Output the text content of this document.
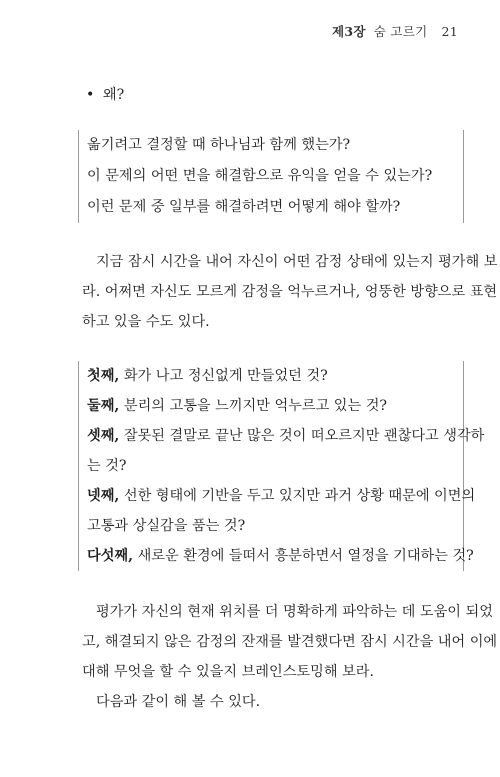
제3장 숨 고르기 21
• 왜?

옮기려고 결정할 때 하나님과 함께 했는가?

이 문제의 어떤 면을 해결함으로 유익을 얻을 수 있는가?

이런 문제 중 일부를 해결하려면 어떻게 해야 할까?

지금 잠시 시간을 내어 자신이 어떤 감정 상태에 있는지 평가해 보
라. 어쩌면 자신도 모르게 감정을 억누르거나, 엉뚱한 방향으로 표현
하고 있을 수도 있다.
첫째, 화가 나고 정신없게 만들었던 것?
둘째, 분리의 고통을 느끼지만 억누르고 있는 것?
셋째, 잘못된 결말로 끝난 많은 것이 떠오르지만 괜찮다고 생각하
는 것?
넷째, 선한 형태에 기반을 두고 있지만 과거 상황 때문에 이면의
고통과 상실감을 품는 것?
다섯째, 새로운 환경에 들떠서 흥분하면서 열정을 기대하는 것?
평가가 자신의 현재 위치를 더 명확하게 파악하는 데 도움이 되었
고, 해결되지 않은 감정의 잔재를 발견했다면 잠시 시간을 내어 이에
대해 무엇을 할 수 있을지 브레인스토밍해 보라.
다음과 같이 해 볼 수 있다.
